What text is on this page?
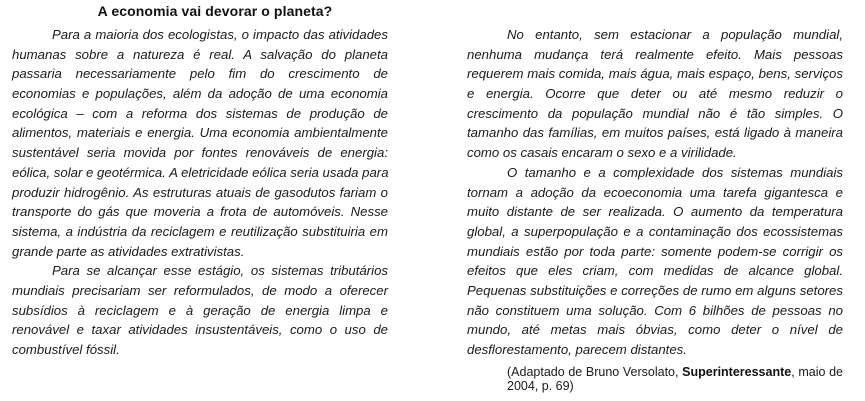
A economia vai devorar o planeta?
Para a maioria dos ecologistas, o impacto das atividades
humanas sobre a natureza é real. A salvação do planeta
passaria necessariamente pelo fim do crescimento de
economias e populações, além da adoção de uma economia
ecológica – com a reforma dos sistemas de produção de
alimentos, materiais e energia. Uma economia ambientalmente
sustentável seria movida por fontes renováveis de energia:
eólica, solar e geotérmica. A eletricidade eólica seria usada para
produzir hidrogênio. As estruturas atuais de gasodutos fariam o
transporte do gás que moveria a frota de automóveis. Nesse
sistema, a indústria da reciclagem e reutilização substituiria em
grande parte as atividades extrativistas.
Para se alcançar esse estágio, os sistemas tributários
mundiais precisariam ser reformulados, de modo a oferecer
subsídios à reciclagem e à geração de energia limpa e
renovável e taxar atividades insustentáveis, como o uso de
combustível fóssil.
No entanto, sem estacionar a população mundial,
nenhuma mudança terá realmente efeito. Mais pessoas
requerem mais comida, mais água, mais espaço, bens, serviços
e energia. Ocorre que deter ou até mesmo reduzir o
crescimento da população mundial não é tão simples. O
tamanho das famílias, em muitos países, está ligado à maneira
como os casais encaram o sexo e a virilidade.
O tamanho e a complexidade dos sistemas mundiais
tornam a adoção da ecoeconomia uma tarefa gigantesca e
muito distante de ser realizada. O aumento da temperatura
global, a superpopulação e a contaminação dos ecossistemas
mundiais estão por toda parte: somente podem-se corrigir os
efeitos que eles criam, com medidas de alcance global.
Pequenas substituições e correções de rumo em alguns setores
não constituem uma solução. Com 6 bilhões de pessoas no
mundo, até metas mais óbvias, como deter o nível de
desflorestamento, parecem distantes.
(Adaptado de Bruno Versolato, Superinteressante, maio de
2004, p. 69)
